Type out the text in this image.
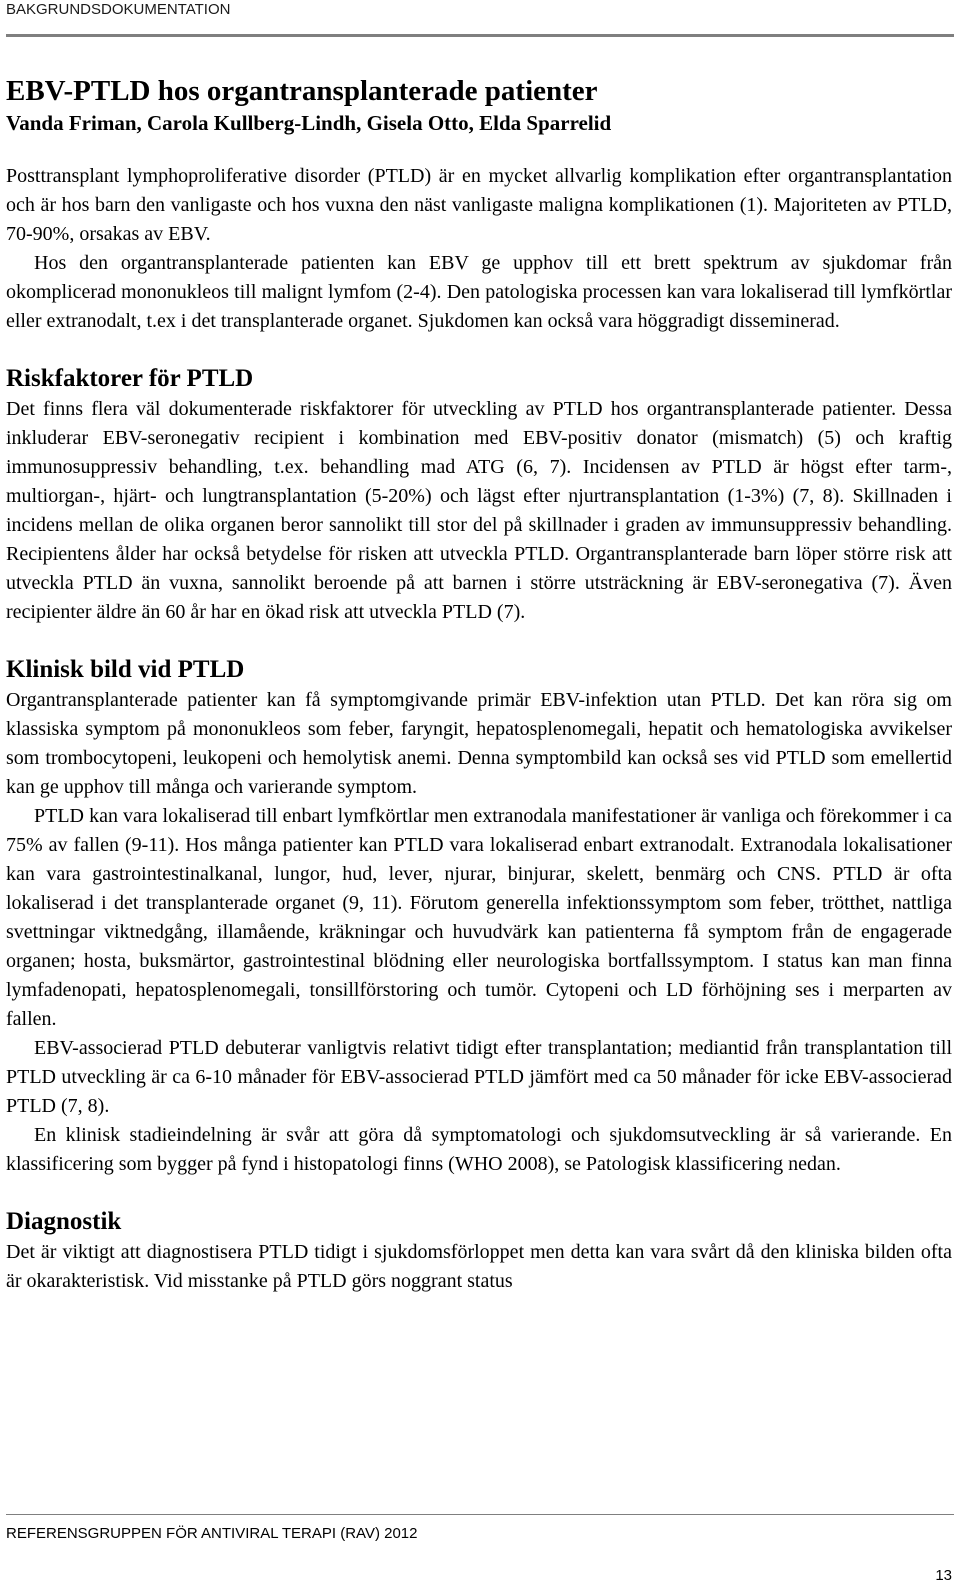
BAKGRUNDSDOKUMENTATION
EBV-PTLD hos organtransplanterade patienter
Vanda Friman, Carola Kullberg-Lindh, Gisela Otto, Elda Sparrelid

Posttransplant lymphoproliferative disorder (PTLD) är en mycket allvarlig komplikation efter organtransplantation och är hos barn den vanligaste och hos vuxna den näst vanligaste maligna komplikationen (1). Majoriteten av PTLD, 70-90%, orsakas av EBV.

Hos den organtransplanterade patienten kan EBV ge upphov till ett brett spektrum av sjukdomar från okomplicerad mononukleos till malignt lymfom (2-4). Den patologiska processen kan vara lokaliserad till lymfkörtlar eller extranodalt, t.ex i det transplanterade organet. Sjukdomen kan också vara höggradigt disseminerad.

Riskfaktorer för PTLD

Det finns flera väl dokumenterade riskfaktorer för utveckling av PTLD hos organtransplanterade patienter. Dessa inkluderar EBV-seronegativ recipient i kombination med EBV-positiv donator (mismatch) (5) och kraftig immunosuppressiv behandling, t.ex. behandling mad ATG (6, 7). Incidensen av PTLD är högst efter tarm-, multiorgan-, hjärt- och lungtransplantation (5-20%) och lägst efter njurtransplantation (1-3%) (7, 8). Skillnaden i incidens mellan de olika organen beror sannolikt till stor del på skillnader i graden av immunsuppressiv behandling. Recipientens ålder har också betydelse för risken att utveckla PTLD. Organtransplanterade barn löper större risk att utveckla PTLD än vuxna, sannolikt beroende på att barnen i större utsträckning är EBV-seronegativa (7). Även recipienter äldre än 60 år har en ökad risk att utveckla PTLD (7).

Klinisk bild vid PTLD

Organtransplanterade patienter kan få symptomgivande primär EBV-infektion utan PTLD. Det kan röra sig om klassiska symptom på mononukleos som feber, faryngit, hepatosplenomegali, hepatit och hematologiska avvikelser som trombocytopeni, leukopeni och hemolytisk anemi. Denna symptombild kan också ses vid PTLD som emellertid kan ge upphov till många och varierande symptom.

PTLD kan vara lokaliserad till enbart lymfkörtlar men extranodala manifestationer är vanliga och förekommer i ca 75% av fallen (9-11). Hos många patienter kan PTLD vara lokaliserad enbart extranodalt. Extranodala lokalisationer kan vara gastrointestinalkanal, lungor, hud, lever, njurar, binjurar, skelett, benmärg och CNS. PTLD är ofta lokaliserad i det transplanterade organet (9, 11). Förutom generella infektionssymptom som feber, trötthet, nattliga svettningar viktnedgång, illamående, kräkningar och huvudvärk kan patienterna få symptom från de engagerade organen; hosta, buksmärtor, gastrointestinal blödning eller neurologiska bortfallssymptom. I status kan man finna lymfadenopati, hepatosplenomegali, tonsillförstoring och tumör. Cytopeni och LD förhöjning ses i merparten av fallen.

EBV-associerad PTLD debuterar vanligtvis relativt tidigt efter transplantation; mediantid från transplantation till PTLD utveckling är ca 6-10 månader för EBV-associerad PTLD jämfört med ca 50 månader för icke EBV-associerad PTLD (7, 8).

En klinisk stadieindelning är svår att göra då symptomatologi och sjukdomsutveckling är så varierande. En klassificering som bygger på fynd i histopatologi finns (WHO 2008), se Patologisk klassificering nedan.

Diagnostik

Det är viktigt att diagnostisera PTLD tidigt i sjukdomsförloppet men detta kan vara svårt då den kliniska bilden ofta är okarakteristisk. Vid misstanke på PTLD görs noggrant status

REFERENSGRUPPEN FÖR ANTIVIRAL TERAPI (RAV) 2012
13
